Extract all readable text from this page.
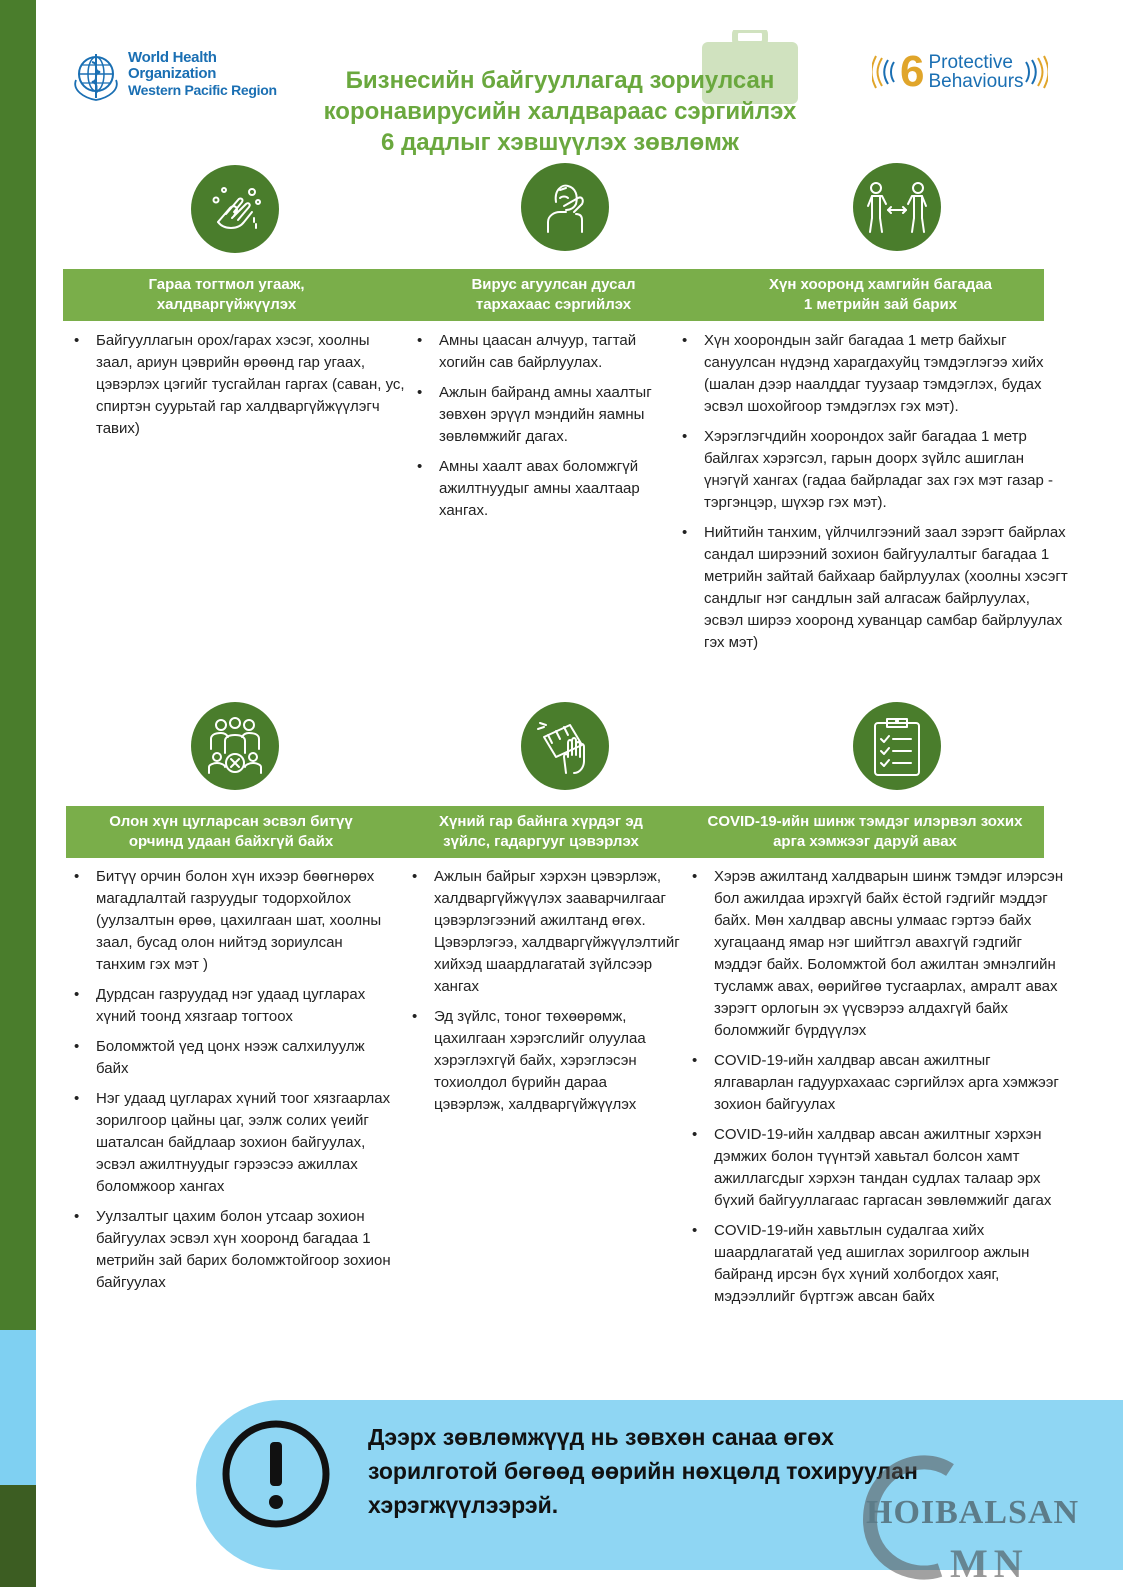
World Health
Organization
Western Pacific Region	6 Protective
Behaviours
Бизнесийн байгууллагад зориулсан
коронавирусийн халдвараас сэргийлэх
6 дадлыг хэвшүүлэх зөвлөмж
Гараа тогтмол угааж,
халдваргүйжүүлэх
Вирус агуулсан дусал
тархахаас сэргийлэх
Хүн хооронд хамгийн багадаа
1 метрийн зай барих
• Байгууллагын орох/гарах хэсэг, хоолны заал, ариун цэврийн өрөөнд гар угаах, цэвэрлэх цэгийг тусгайлан гаргах (саван, ус, спиртэн суурьтай гар халдваргүйжүүлэгч тавих)
• Амны цаасан алчуур, тагтай хогийн сав байрлуулах.
• Ажлын байранд амны хаалтыг зөвхөн эрүүл мэндийн яамны зөвлөмжийг дагах.
• Амны хаалт авах боломжгүй ажилтнуудыг амны хаалтаар хангах.
• Хүн хоорондын зайг багадаа 1 метр байхыг сануулсан нүдэнд харагдахуйц тэмдэглэгээ хийх (шалан дээр наалддаг туузаар тэмдэглэх, будах эсвэл шохойгоор тэмдэглэх гэх мэт).
• Хэрэглэгчдийн хоорондох зайг багадаа 1 метр байлгах хэрэгсэл, гарын доорх зүйлс ашиглан үнэгүй хангах (гадаа байрладаг зах гэх мэт газар - тэргэнцэр, шүхэр гэх мэт).
• Нийтийн танхим, үйлчилгээний заал зэрэгт байрлах сандал ширээний зохион байгуулалтыг багадаа 1 метрийн зайтай байхаар байрлуулах (хоолны хэсэгт сандлыг нэг сандлын зай алгасаж байрлуулах, эсвэл ширээ хооронд хуванцар самбар байрлуулах гэх мэт)
Олон хүн цугларсан эсвэл битүү
орчинд удаан байхгүй байх
Хүний гар байнга хүрдэг эд
зүйлс, гадаргууг цэвэрлэх
COVID-19-ийн шинж тэмдэг илэрвэл зохих
арга хэмжээг даруй авах
• Битүү орчин болон хүн ихээр бөөгнөрөх магадлалтай газруудыг тодорхойлох (уулзалтын өрөө, цахилгаан шат, хоолны заал, бусад олон нийтэд зориулсан танхим гэх мэт )
• Дурдсан газруудад нэг удаад цугларах хүний тоонд хязгаар тогтоох
• Боломжтой үед цонх нээж салхилуулж байх
• Нэг удаад цугларах хүний тоог хязгаарлах зорилгоор цайны цаг, ээлж солих үеийг шаталсан байдлаар зохион байгуулах, эсвэл ажилтнуудыг гэрээсээ ажиллах боломжоор хангах
• Уулзалтыг цахим болон утсаар зохион байгуулах эсвэл хүн хооронд багадаа 1 метрийн зай барих боломжтойгоор зохион байгуулах
• Ажлын байрыг хэрхэн цэвэрлэж, халдваргүйжүүлэх зааварчилгааг цэвэрлэгээний ажилтанд өгөх. Цэвэрлэгээ, халдваргүйжүүлэлтийг хийхэд шаардлагатай зүйлсээр хангах
• Эд зүйлс, тоног төхөөрөмж, цахилгаан хэрэгслийг олуулаа хэрэглэхгүй байх, хэрэглэсэн тохиолдол бүрийн дараа цэвэрлэж, халдваргүйжүүлэх
• Хэрэв ажилтанд халдварын шинж тэмдэг илэрсэн бол ажилдаа ирэхгүй байх ёстой гэдгийг мэддэг байх. Мөн халдвар авсны улмаас гэртээ байх хугацаанд ямар нэг шийтгэл авахгүй гэдгийг мэддэг байх. Боломжтой бол ажилтан эмнэлгийн тусламж авах, өөрийгөө тусгаарлах, амралт авах зэрэгт орлогын эх үүсвэрээ алдахгүй байх боломжийг бүрдүүлэх
• COVID-19-ийн халдвар авсан ажилтныг ялгаварлан гадуурхахаас сэргийлэх арга хэмжээг зохион байгуулах
• COVID-19-ийн халдвар авсан ажилтныг хэрхэн дэмжих болон түүнтэй хавьтал болсон хамт ажиллагсдыг хэрхэн тандан судлах талаар эрх бүхий байгууллагаас гаргасан зөвлөмжийг дагах
• COVID-19-ийн хавьтлын судалгаа хийх шаардлагатай үед ашиглах зорилгоор ажлын байранд ирсэн бүх хүний холбогдох хаяг, мэдээллийг бүртгэж авсан байх
Дээрх зөвлөмжүүд нь зөвхөн санаа өгөх
зорилготой бөгөөд өөрийн нөхцөлд тохируулан
хэрэгжүүлээрэй.	HOIBALSAN
MN
